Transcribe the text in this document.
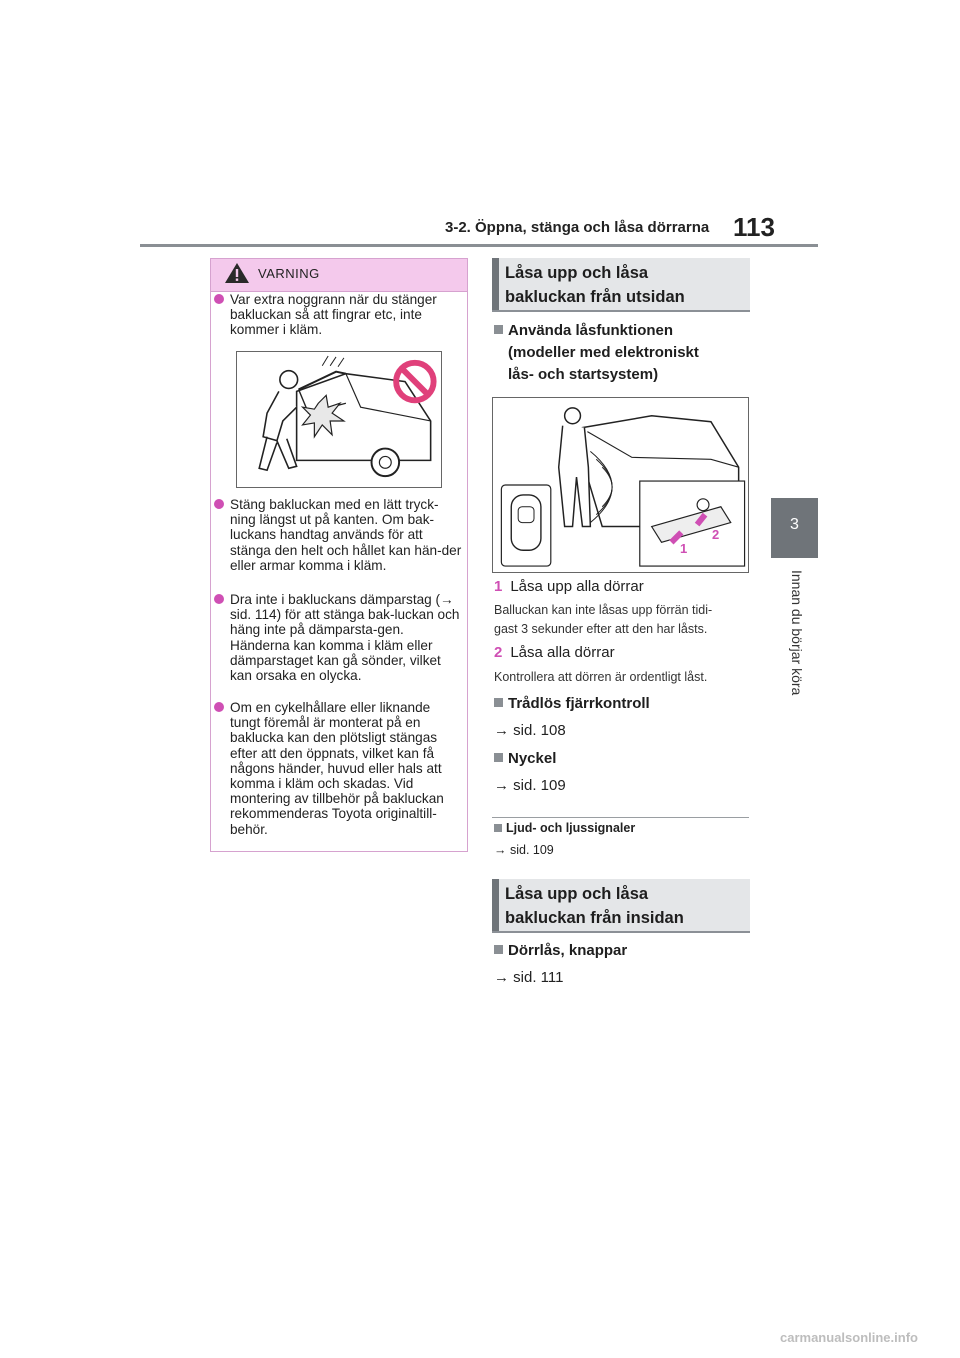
3-2. Öppna, stänga och låsa dörrarna 113
3
Innan du börjar köra
VARNING
Var extra noggrann när du stänger bakluckan så att fingrar etc, inte kommer i kläm.
Stäng bakluckan med en lätt tryck-ning längst ut på kanten. Om bak-luckans handtag används för att stänga den helt och hållet kan hän-der eller armar komma i kläm.
Dra inte i bakluckans dämparstag (→ sid. 114) för att stänga bak-luckan och häng inte på dämparsta-gen. Händerna kan komma i kläm eller dämparstaget kan gå sönder, vilket kan orsaka en olycka.
Om en cykelhållare eller liknande tungt föremål är monterat på en baklucka kan den plötsligt stängas efter att den öppnats, vilket kan få någons händer, huvud eller hals att komma i kläm och skadas. Vid montering av tillbehör på bakluckan rekommenderas Toyota originaltill-behör.
Låsa upp och låsa
bakluckan från utsidan
Använda låsfunktionen
(modeller med elektroniskt
lås- och startsystem)
1
2
1 Låsa upp alla dörrar
Balluckan kan inte låsas upp förrän tidi-
gast 3 sekunder efter att den har låsts.
2 Låsa alla dörrar
Kontrollera att dörren är ordentligt låst.
Trådlös fjärrkontroll
→ sid. 108
Nyckel
→ sid. 109
Ljud- och ljussignaler
→ sid. 109
Låsa upp och låsa
bakluckan från insidan
Dörrlås, knappar
→ sid. 111
carmanualsonline.info
